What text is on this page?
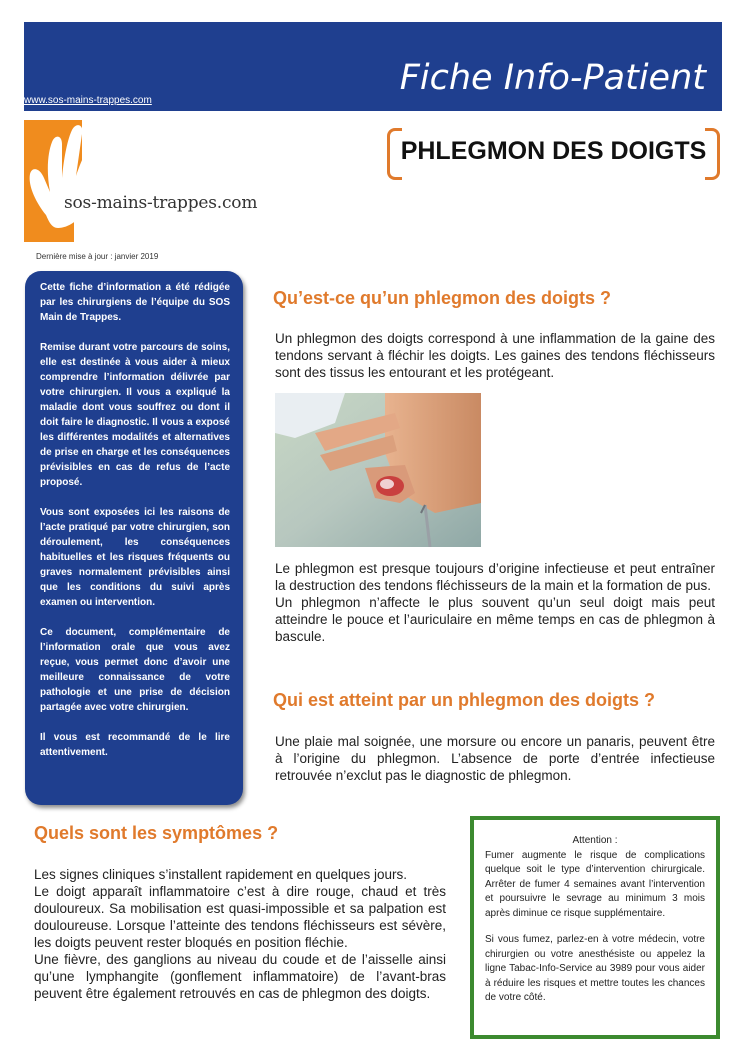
Fiche Info-Patient
www.sos-mains-trappes.com
sos-mains-trappes.com
PHLEGMON DES DOIGTS
Dernière mise à jour : janvier 2019

Cette fiche d’information a été rédigée par les chirurgiens de l’équipe du SOS Main de Trappes.

Remise durant votre parcours de soins, elle est destinée à vous aider à mieux comprendre l’information délivrée par votre chirurgien. Il vous a expliqué la maladie dont vous souffrez ou dont il doit faire le diagnostic. Il vous a exposé les différentes modalités et alternatives de prise en charge et les conséquences prévisibles en cas de refus de l’acte proposé.

Vous sont exposées ici les raisons de l’acte pratiqué par votre chirurgien, son déroulement, les conséquences habituelles et les risques fréquents ou graves normalement prévisibles ainsi que les conditions du suivi après examen ou intervention.

Ce document, complémentaire de l’information orale que vous avez reçue, vous permet donc d’avoir une meilleure connaissance de votre pathologie et une prise de décision partagée avec votre chirurgien.

Il vous est recommandé de le lire attentivement.

Qu’est-ce qu’un phlegmon des doigts ?

Un phlegmon des doigts correspond à une inflammation de la gaine des tendons servant à fléchir les doigts. Les gaines des tendons fléchisseurs sont des tissus les entourant et les protégeant.

Le phlegmon est presque toujours d’origine infectieuse et peut entraîner la destruction des tendons fléchisseurs de la main et la formation de pus.

Un phlegmon n’affecte le plus souvent qu’un seul doigt mais peut atteindre le pouce et l’auriculaire en même temps en cas de phlegmon à bascule.

Qui est atteint par un phlegmon des doigts ?

Une plaie mal soignée, une morsure ou encore un panaris, peuvent être à l’origine du phlegmon. L’absence de porte d’entrée infectieuse retrouvée n’exclut pas le diagnostic de phlegmon.

Quels sont les symptômes ?

Les signes cliniques s’installent rapidement en quelques jours.

Le doigt apparaît inflammatoire c’est à dire rouge, chaud et très douloureux. Sa mobilisation est quasi-impossible et sa palpation est douloureuse. Lorsque l’atteinte des tendons fléchisseurs est sévère, les doigts peuvent rester bloqués en position fléchie.

Une fièvre, des ganglions au niveau du coude et de l’aisselle ainsi qu’une lymphangite (gonflement inflammatoire) de l’avant-bras peuvent être également retrouvés en cas de phlegmon des doigts.

Attention :

Fumer augmente le risque de complications quelque soit le type d’intervention chirurgicale. Arrêter de fumer 4 semaines avant l’intervention et poursuivre le sevrage au minimum 3 mois après diminue ce risque supplémentaire.

Si vous fumez, parlez-en à votre médecin, votre chirurgien ou votre anesthésiste ou appelez la ligne Tabac-Info-Service au 3989 pour vous aider à réduire les risques et mettre toutes les chances de votre côté.
